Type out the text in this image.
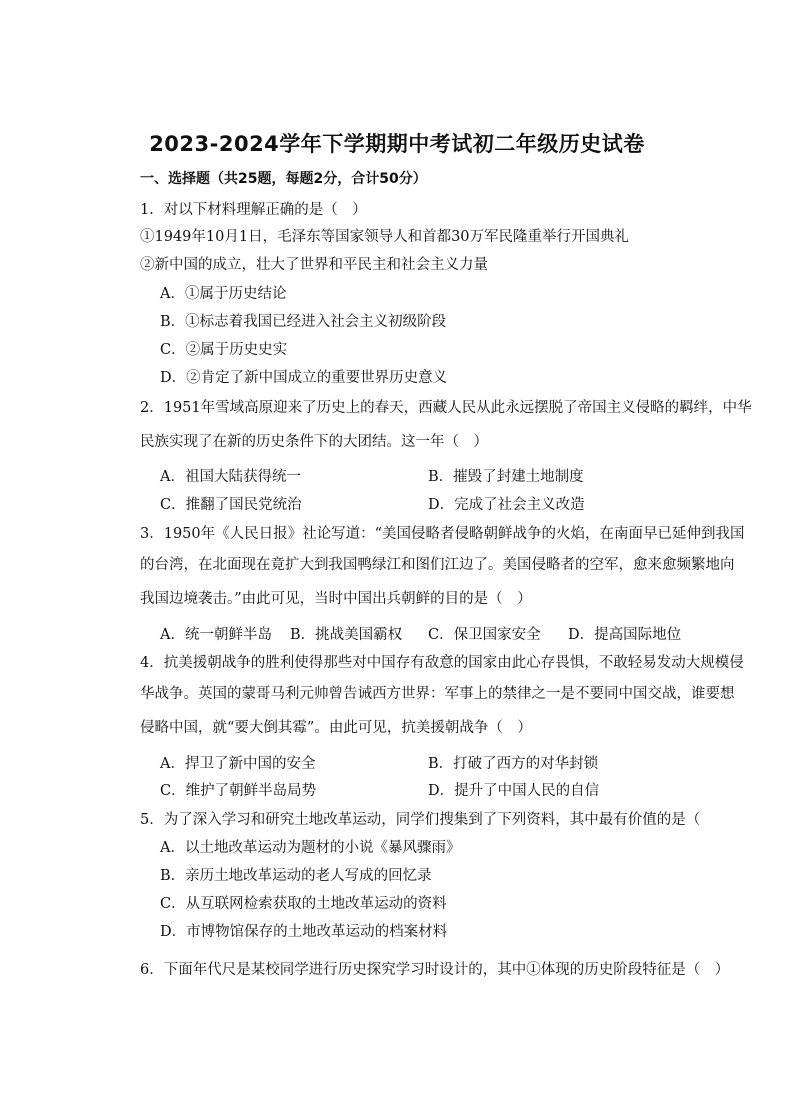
2023-2024学年下学期期中考试初二年级历史试卷
一、选择题（共25题，每题2分，合计50分）
1．对以下材料理解正确的是（　）
①1949年10月1日，毛泽东等国家领导人和首都30万军民隆重举行开国典礼
②新中国的成立，壮大了世界和平民主和社会主义力量
A．①属于历史结论
B．①标志着我国已经进入社会主义初级阶段
C．②属于历史史实
D．②肯定了新中国成立的重要世界历史意义
2．1951年雪域高原迎来了历史上的春天，西藏人民从此永远摆脱了帝国主义侵略的羁绊，中华
民族实现了在新的历史条件下的大团结。这一年（　）
A．祖国大陆获得统一	B．摧毁了封建土地制度
C．推翻了国民党统治	D．完成了社会主义改造
3．1950年《人民日报》社论写道：“美国侵略者侵略朝鲜战争的火焰，在南面早已延伸到我国
的台湾，在北面现在竟扩大到我国鸭绿江和图们江边了。美国侵略者的空军，愈来愈频繁地向
我国边境袭击。”由此可见，当时中国出兵朝鲜的目的是（　）
A．统一朝鲜半岛 B．挑战美国霸权 C．保卫国家安全 D．提高国际地位
4．抗美援朝战争的胜利使得那些对中国存有敌意的国家由此心存畏惧，不敢轻易发动大规模侵
华战争。英国的蒙哥马利元帅曾告诫西方世界：军事上的禁律之一是不要同中国交战，谁要想
侵略中国，就“要大倒其霉”。由此可见，抗美援朝战争（　）
A．捍卫了新中国的安全	B．打破了西方的对华封锁
C．维护了朝鲜半岛局势	D．提升了中国人民的自信
5．为了深入学习和研究土地改革运动，同学们搜集到了下列资料，其中最有价值的是（
A．以土地改革运动为题材的小说《暴风骤雨》
B．亲历土地改革运动的老人写成的回忆录
C．从互联网检索获取的土地改革运动的资料
D．市博物馆保存的土地改革运动的档案材料
6．下面年代尺是某校同学进行历史探究学习时设计的，其中①体现的历史阶段特征是（　）
